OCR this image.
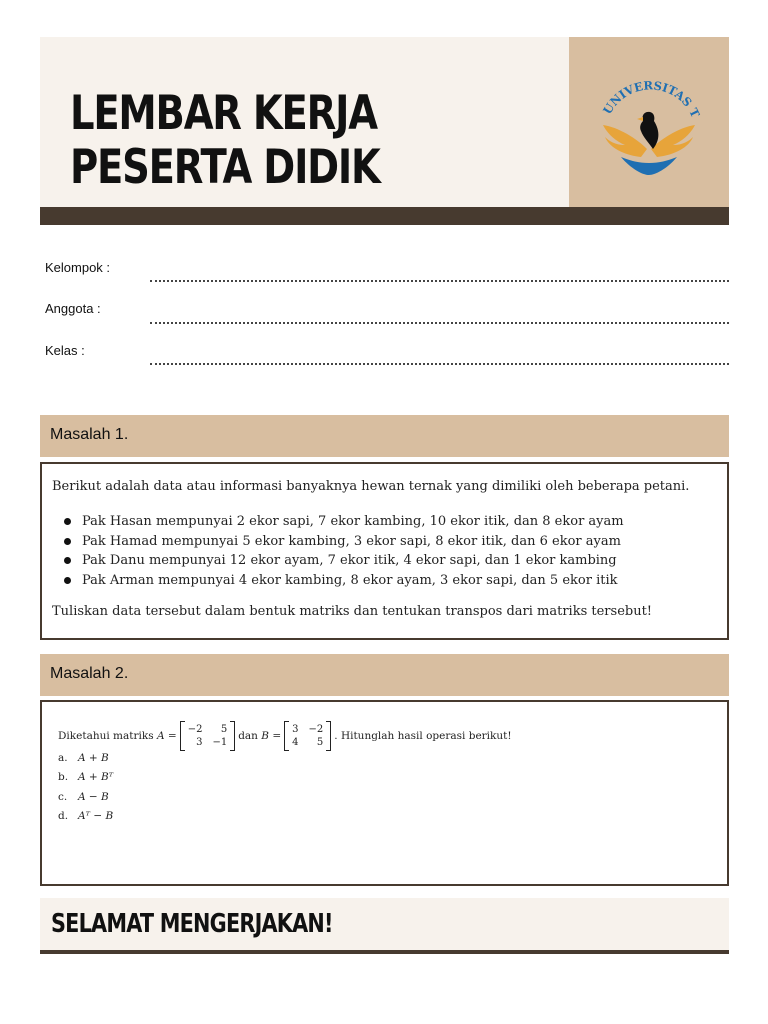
LEMBAR KERJA
PESERTA DIDIK
UNIVERSITAS T
Kelompok :
Anggota :
Kelas :
Masalah 1.
Berikut adalah data atau informasi banyaknya hewan ternak yang dimiliki oleh beberapa petani.
Pak Hasan mempunyai 2 ekor sapi, 7 ekor kambing, 10 ekor itik, dan 8 ekor ayam
Pak Hamad mempunyai 5 ekor kambing, 3 ekor sapi, 8 ekor itik, dan 6 ekor ayam
Pak Danu mempunyai 12 ekor ayam, 7 ekor itik, 4 ekor sapi, dan 1 ekor kambing
Pak Arman mempunyai 4 ekor kambing, 8 ekor ayam, 3 ekor sapi, dan 5 ekor itik
Tuliskan data tersebut dalam bentuk matriks dan tentukan transpos dari matriks tersebut!
Masalah 2.
Diketahui matriks
A =
−2	5
3 −1
dan
B =
3 −2
4	5
. Hitunglah hasil operasi berikut!
a. A + B
b. A + Bᵀ
c. A − B
d. Aᵀ − B
SELAMAT MENGERJAKAN!
